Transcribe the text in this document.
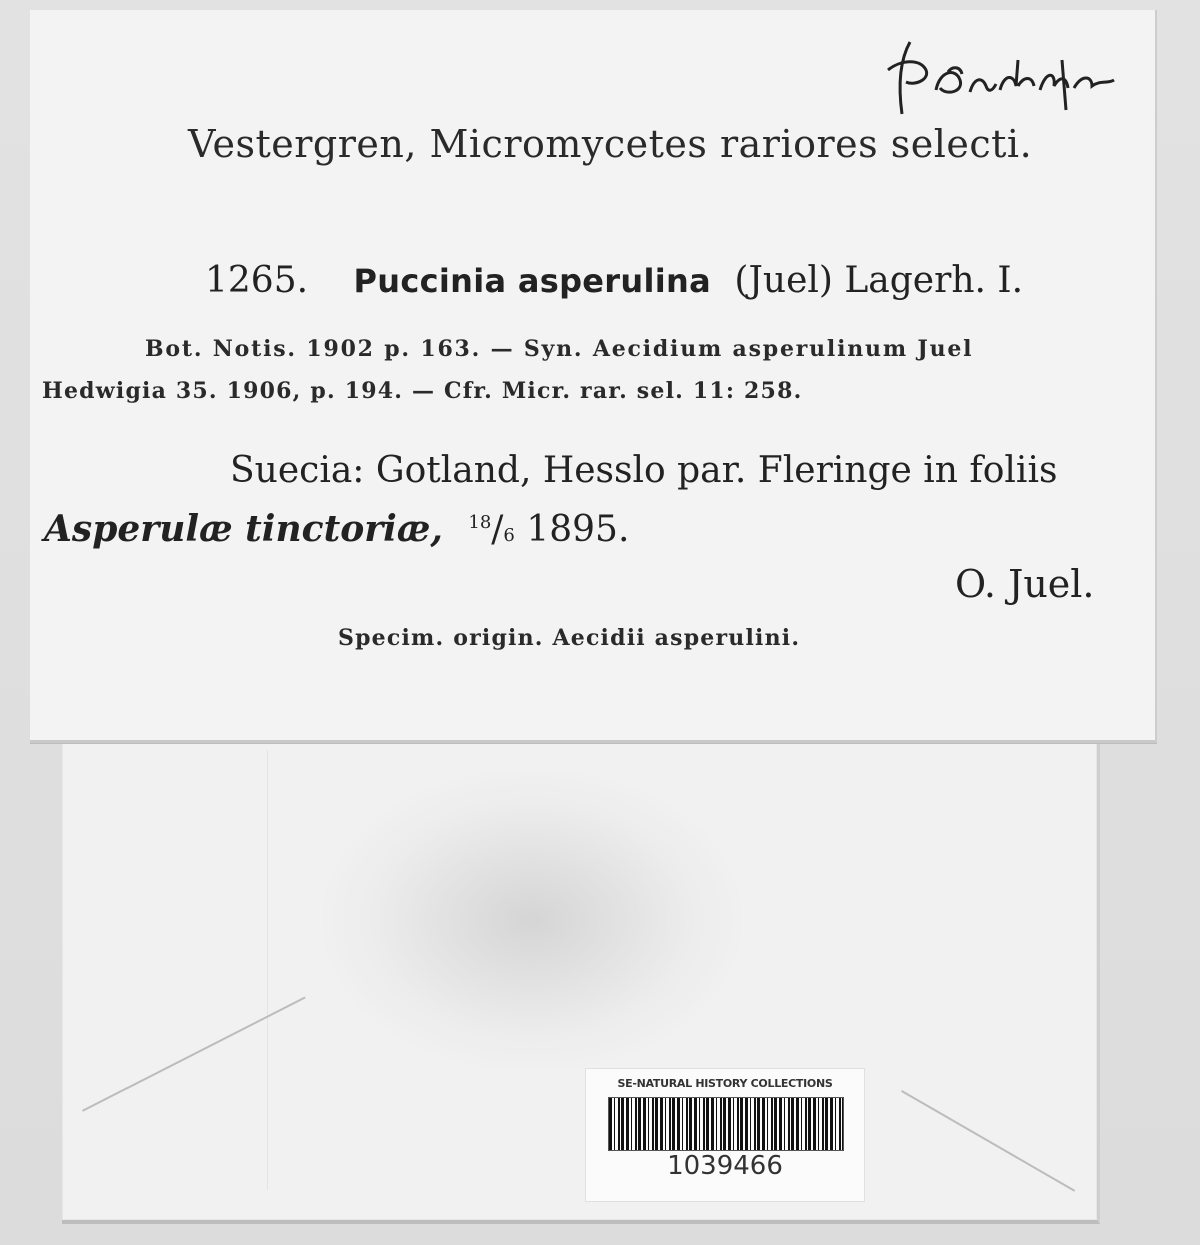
Vestergren, Micromycetes rariores selecti.
1265. Puccinia asperulina (Juel) Lagerh. I.
Bot. Notis. 1902 p. 163. — Syn. Aecidium asperulinum Juel
Hedwigia 35. 1906, p. 194. — Cfr. Micr. rar. sel. 11: 258.
Suecia: Gotland, Hesslo par. Fleringe in foliis
Asperulæ tinctoriæ, $^{18}$/6 1895.
O. Juel.
Specim. origin. Aecidii asperulini.
SE-NATURAL HISTORY COLLECTIONS
1039466
